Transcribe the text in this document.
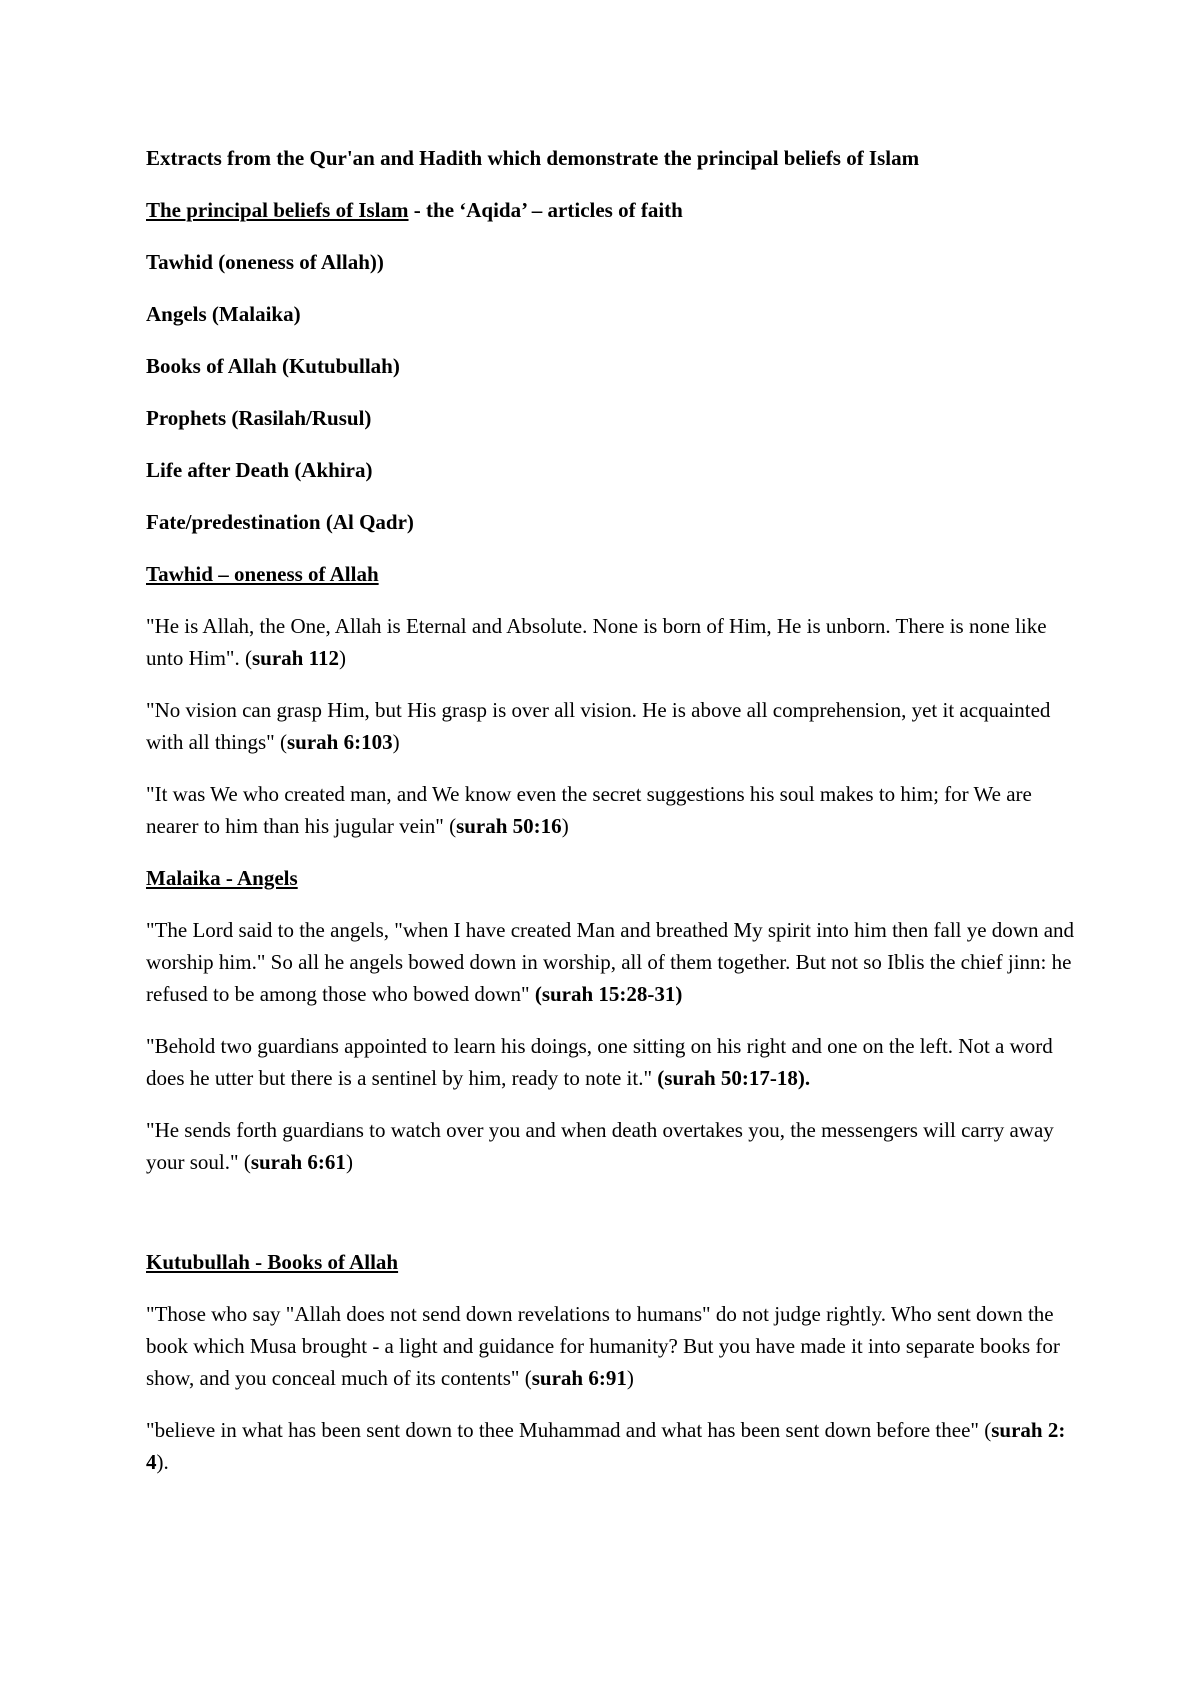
Extracts from the Qur'an and Hadith which demonstrate the principal beliefs of Islam

The principal beliefs of Islam - the ‘Aqida’ – articles of faith

Tawhid (oneness of Allah))

Angels (Malaika)

Books of Allah (Kutubullah)

Prophets (Rasilah/Rusul)

Life after Death (Akhira)

Fate/predestination (Al Qadr)

Tawhid – oneness of Allah

"He is Allah, the One, Allah is Eternal and Absolute. None is born of Him, He is unborn. There is none like unto Him". (surah 112)

"No vision can grasp Him, but His grasp is over all vision. He is above all comprehension, yet it acquainted with all things" (surah 6:103)

"It was We who created man, and We know even the secret suggestions his soul makes to him; for We are nearer to him than his jugular vein" (surah 50:16)

Malaika - Angels

"The Lord said to the angels, "when I have created Man and breathed My spirit into him then fall ye down and worship him." So all he angels bowed down in worship, all of them together. But not so Iblis the chief jinn: he refused to be among those who bowed down" (surah 15:28-31)

"Behold two guardians appointed to learn his doings, one sitting on his right and one on the left. Not a word does he utter but there is a sentinel by him, ready to note it." (surah 50:17-18).

"He sends forth guardians to watch over you and when death overtakes you, the messengers will carry away your soul." (surah 6:61)

Kutubullah - Books of Allah

"Those who say "Allah does not send down revelations to humans" do not judge rightly. Who sent down the book which Musa brought - a light and guidance for humanity? But you have made it into separate books for show, and you conceal much of its contents" (surah 6:91)

"believe in what has been sent down to thee Muhammad and what has been sent down before thee" (surah 2: 4).
